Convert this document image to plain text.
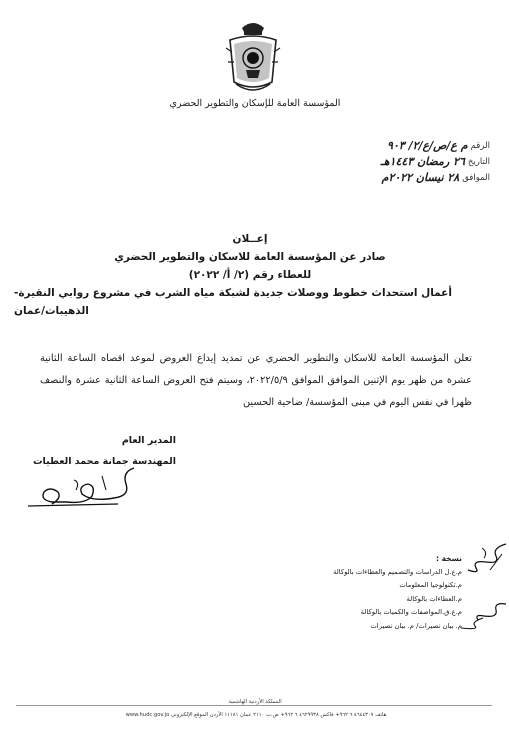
المؤسسة العامة للإسكان والتطوير الحضري
الرقم
م ع/ص/ع/٢/ ٩٠٣
التاريخ
٢٦ رمضان ١٤٤٣هـ
الموافق
٢٨ نيسان ٢٠٢٢م
إعــلان
صادر عن المؤسسة العامة للاسكان والتطوير الحضري
للعطاء رقم (٢/ أ/ ٢٠٢٢)
أعمال استحداث خطوط ووصلات جديدة لشبكة مياه الشرب في مشروع روابي النقيرة-الذهيبات/عمان
تعلن المؤسسة العامة للاسكان والتطوير الحضري عن تمديد إيداع العروض لموعد اقصاه الساعة الثانية عشرة من ظهر يوم الإثنين الموافق الموافق ٢٠٢٢/٥/٩، وسيتم فتح العروض الساعة الثانية عشرة والنصف ظهرا في نفس اليوم في مبنى المؤسسة/ ضاحية الحسين
المدير العام
المهندسة جمانة محمد العطيات
نسخة :
م.ع.ل الدراسات والتصميم والعطاءات بالوكالة
م.تكنولوجيا المعلومات
م.العطاءات بالوكالة
م.ع.ق.المواصفات والكميات بالوكالة
م. بيان نصيرات/ م. بيان نصيرات
المملكة الأردنية الهاشمية
هاتف ٤٦٤٤٣٠٧ ٦ ٩٦٢+ فاكس ٤٦٢٩٩٣٨ ٦ ٩٦٢+ ص.ب ٢١١٠ عمان ١١١٨١ الأردن الموقع الإلكتروني www.hudc.gov.jo
